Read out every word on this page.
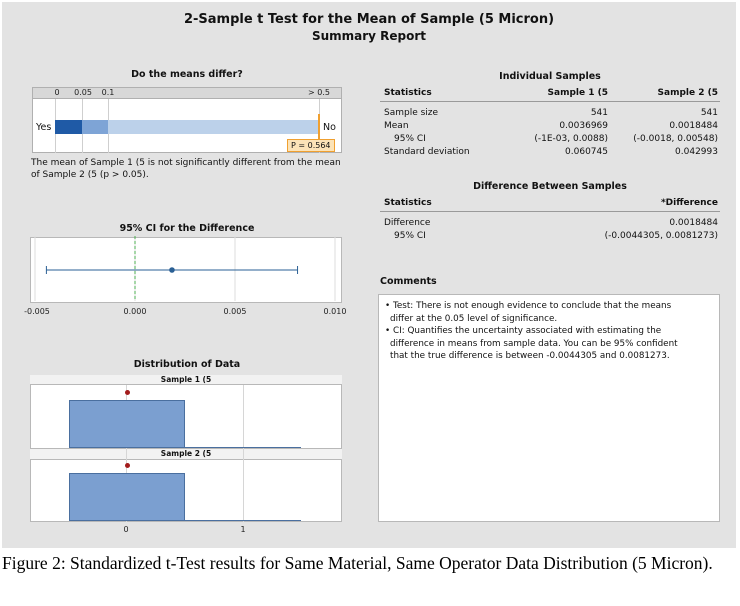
2-Sample t Test for the Mean of Sample (5 Micron)
Summary Report
Do the means differ?
0	0.05	0.1	> 0.5
Yes	No
P = 0.564
The mean of Sample 1 (5 is not significantly different from the mean of Sample 2 (5 (p > 0.05).
95% CI for the Difference
-0.005	0.000	0.005	0.010
Distribution of Data
Sample 1 (5
Sample 2 (5
0	1
Individual Samples
Statistics	Sample 1 (5	Sample 2 (5
Sample size	541	541
Mean	0.0036969	0.0018484
95% CI	(-1E-03, 0.0088)	(-0.0018, 0.00548)
Standard deviation	0.060745	0.042993
Difference Between Samples
Statistics	*Difference
Difference	0.0018484
95% CI	(-0.0044305, 0.0081273)
Comments
• Test: There is not enough evidence to conclude that the means
differ at the 0.05 level of significance.
• CI: Quantifies the uncertainty associated with estimating the
difference in means from sample data. You can be 95% confident
that the true difference is between -0.0044305 and 0.0081273.
Figure 2: Standardized t-Test results for Same Material, Same Operator Data Distribution (5 Micron).
